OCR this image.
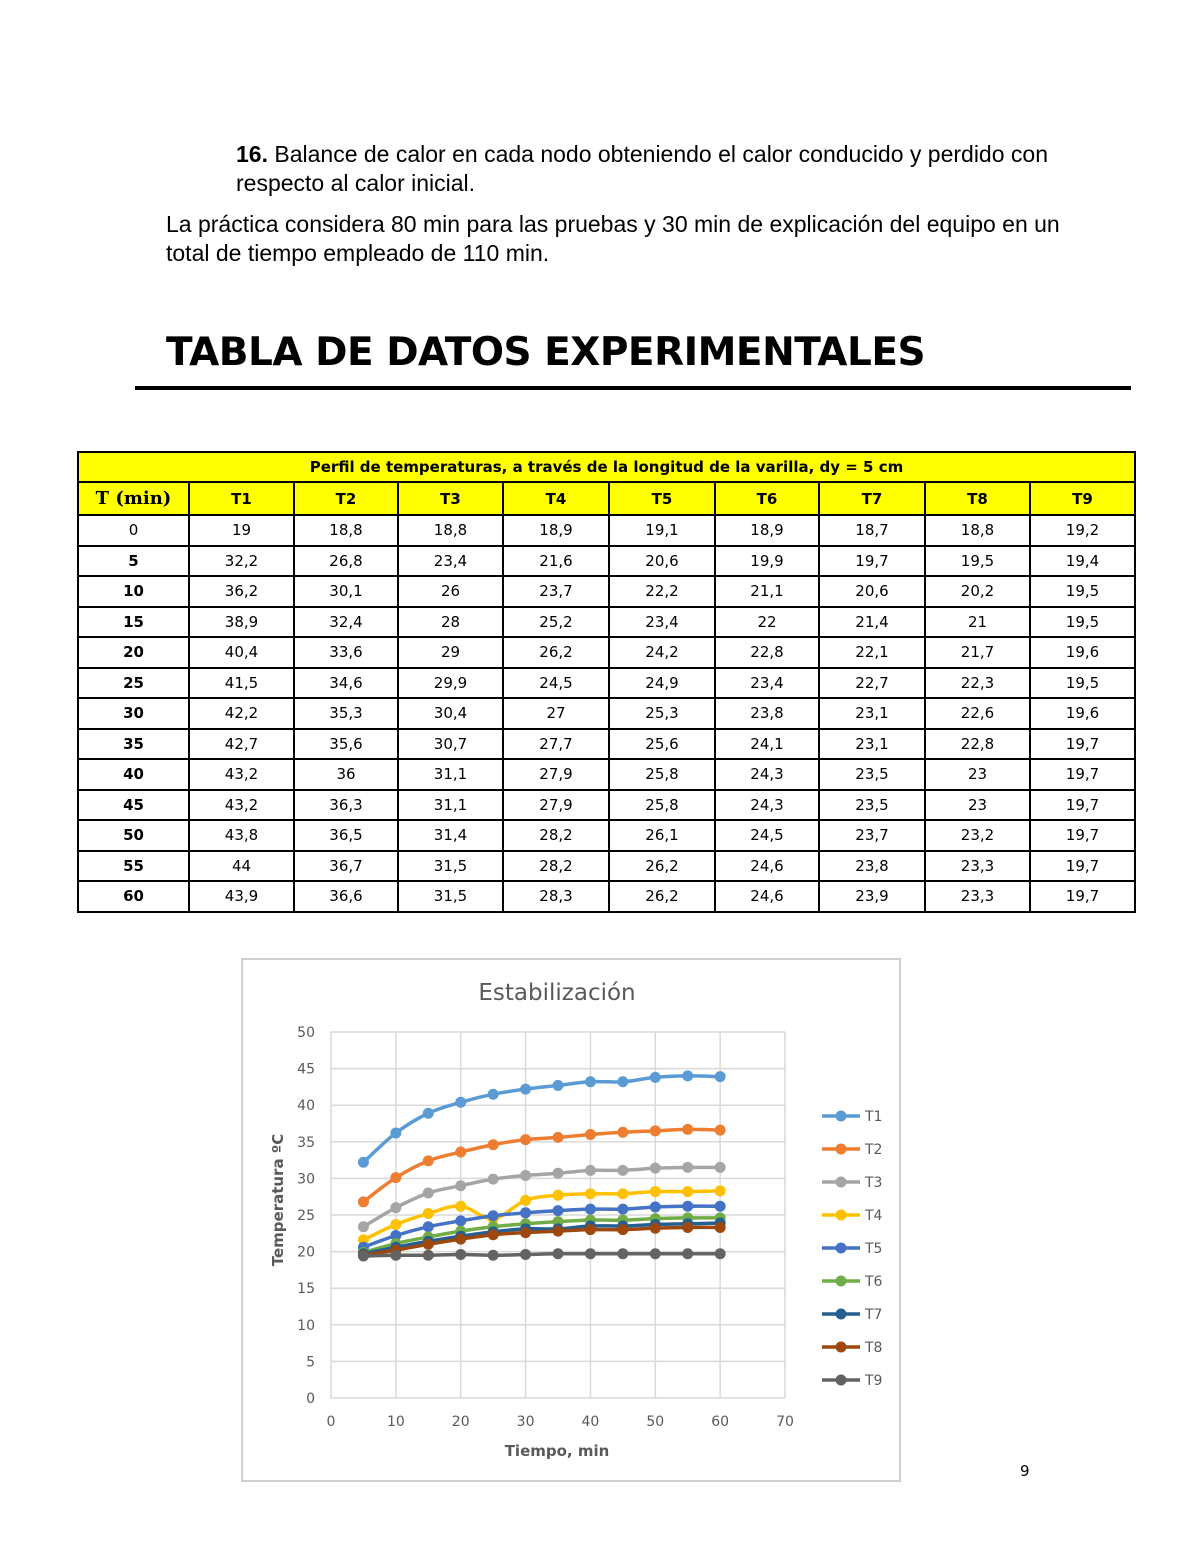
16. Balance de calor en cada nodo obteniendo el calor conducido y perdido con respecto al calor inicial.

La práctica considera 80 min para las pruebas y 30 min de explicación del equipo en un total de tiempo empleado de 110 min.

TABLA DE DATOS EXPERIMENTALES
Perfil de temperaturas, a través de la longitud de la varilla, dy = 5 cm									
T (min)	T1	T2	T3	T4	T5	T6	T7	T8	T9
0	19	18,8	18,8	18,9	19,1	18,9	18,7	18,8	19,2
5	32,2	26,8	23,4	21,6	20,6	19,9	19,7	19,5	19,4
10	36,2	30,1	26	23,7	22,2	21,1	20,6	20,2	19,5
15	38,9	32,4	28	25,2	23,4	22	21,4	21	19,5
20	40,4	33,6	29	26,2	24,2	22,8	22,1	21,7	19,6
25	41,5	34,6	29,9	24,5	24,9	23,4	22,7	22,3	19,5
30	42,2	35,3	30,4	27	25,3	23,8	23,1	22,6	19,6
35	42,7	35,6	30,7	27,7	25,6	24,1	23,1	22,8	19,7
40	43,2	36	31,1	27,9	25,8	24,3	23,5	23	19,7
45	43,2	36,3	31,1	27,9	25,8	24,3	23,5	23	19,7
50	43,8	36,5	31,4	28,2	26,1	24,5	23,7	23,2	19,7
55	44	36,7	31,5	28,2	26,2	24,6	23,8	23,3	19,7
60	43,9	36,6	31,5	28,3	26,2	24,6	23,9	23,3	19,7
Estabilización
0
5
10
15
20
25
30
35
40
45
50
0	10	20	30	40	50	60	70
Tiempo, min
Temperatura ºC
T1
T2
T3
T4
T5
T6
T7
T8
T9
9
